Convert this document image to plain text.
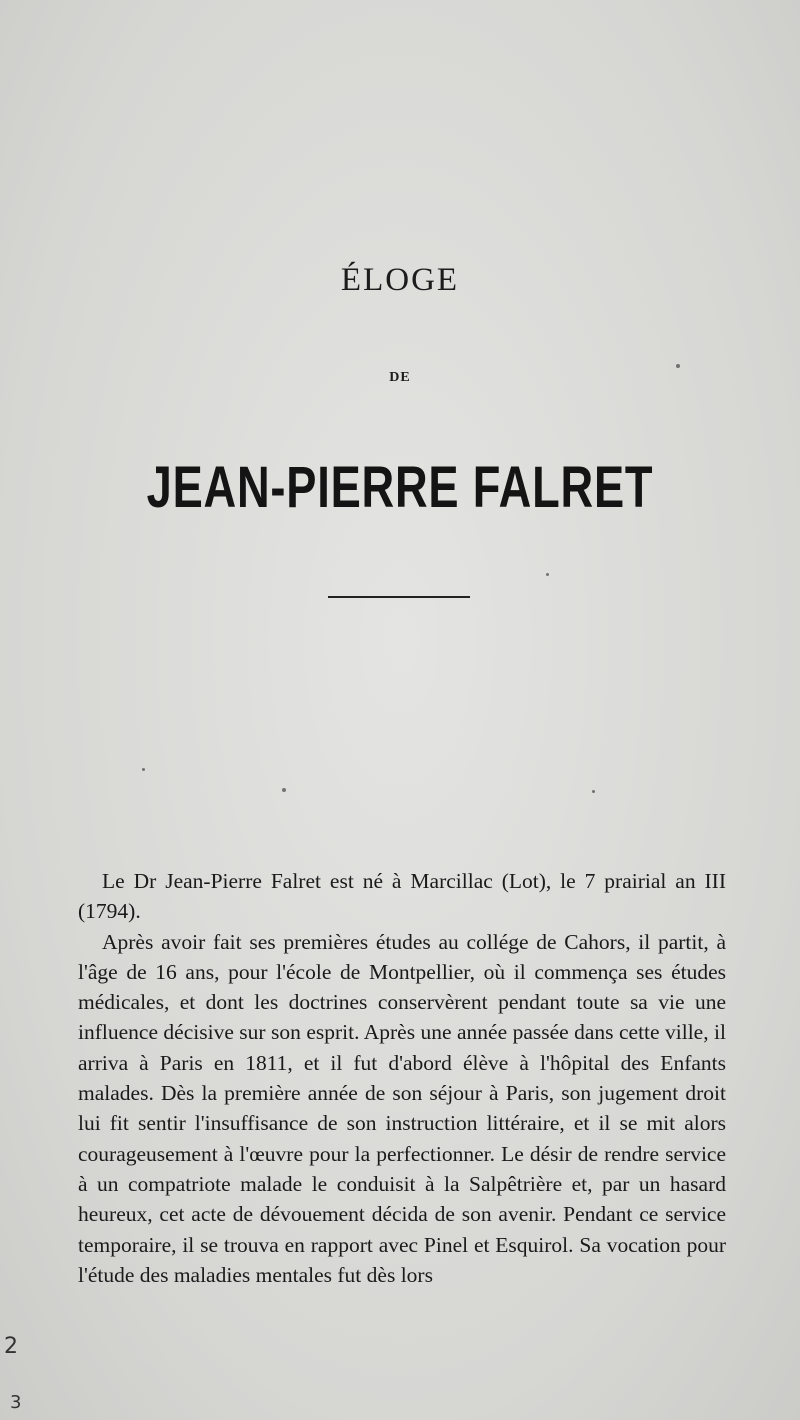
ÉLOGE
DE
JEAN-PIERRE FALRET

Le Dr Jean-Pierre Falret est né à Marcillac (Lot), le 7 prairial an III (1794).

Après avoir fait ses premières études au collége de Cahors, il partit, à l'âge de 16 ans, pour l'école de Montpellier, où il commença ses études médicales, et dont les doctrines conservèrent pendant toute sa vie une influence décisive sur son esprit. Après une année passée dans cette ville, il arriva à Paris en 1811, et il fut d'abord élève à l'hôpital des Enfants malades. Dès la première année de son séjour à Paris, son jugement droit lui fit sentir l'insuffisance de son instruction littéraire, et il se mit alors courageusement à l'œuvre pour la perfectionner. Le désir de rendre service à un compatriote malade le conduisit à la Salpêtrière et, par un hasard heureux, cet acte de dévouement décida de son avenir. Pendant ce service temporaire, il se trouva en rapport avec Pinel et Esquirol. Sa vocation pour l'étude des maladies mentales fut dès lors

2
3
